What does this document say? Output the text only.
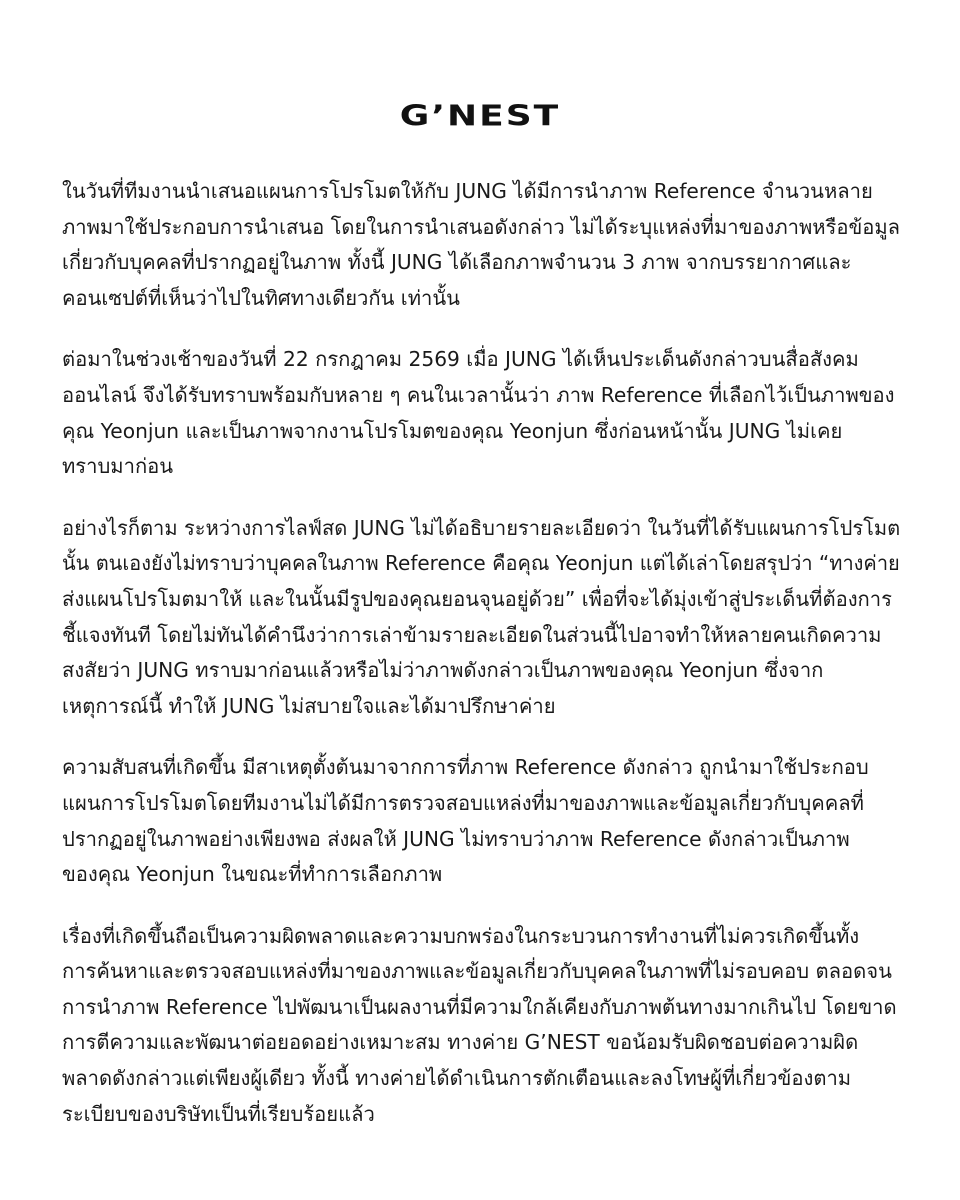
G’NEST

ในวันที่ทีมงานนำเสนอแผนการโปรโมตให้กับ JUNG ได้มีการนำภาพ Reference จำนวนหลาย
ภาพมาใช้ประกอบการนำเสนอ โดยในการนำเสนอดังกล่าว ไม่ได้ระบุแหล่งที่มาของภาพหรือข้อมูล
เกี่ยวกับบุคคลที่ปรากฏอยู่ในภาพ ทั้งนี้ JUNG ได้เลือกภาพจำนวน 3 ภาพ จากบรรยากาศและ
คอนเซปต์ที่เห็นว่าไปในทิศทางเดียวกัน เท่านั้น

ต่อมาในช่วงเช้าของวันที่ 22 กรกฎาคม 2569 เมื่อ JUNG ได้เห็นประเด็นดังกล่าวบนสื่อสังคม
ออนไลน์ จึงได้รับทราบพร้อมกับหลาย ๆ คนในเวลานั้นว่า ภาพ Reference ที่เลือกไว้เป็นภาพของ
คุณ Yeonjun และเป็นภาพจากงานโปรโมตของคุณ Yeonjun ซึ่งก่อนหน้านั้น JUNG ไม่เคย
ทราบมาก่อน

อย่างไรก็ตาม ระหว่างการไลฟ์สด JUNG ไม่ได้อธิบายรายละเอียดว่า ในวันที่ได้รับแผนการโปรโมต
นั้น ตนเองยังไม่ทราบว่าบุคคลในภาพ Reference คือคุณ Yeonjun แต่ได้เล่าโดยสรุปว่า “ทางค่าย
ส่งแผนโปรโมตมาให้ และในนั้นมีรูปของคุณยอนจุนอยู่ด้วย” เพื่อที่จะได้มุ่งเข้าสู่ประเด็นที่ต้องการ
ชี้แจงทันที โดยไม่ทันได้คำนึงว่าการเล่าข้ามรายละเอียดในส่วนนี้ไปอาจทำให้หลายคนเกิดความ
สงสัยว่า JUNG ทราบมาก่อนแล้วหรือไม่ว่าภาพดังกล่าวเป็นภาพของคุณ Yeonjun ซึ่งจาก
เหตุการณ์นี้ ทำให้ JUNG ไม่สบายใจและได้มาปรึกษาค่าย

ความสับสนที่เกิดขึ้น มีสาเหตุตั้งต้นมาจากการที่ภาพ Reference ดังกล่าว ถูกนำมาใช้ประกอบ
แผนการโปรโมตโดยทีมงานไม่ได้มีการตรวจสอบแหล่งที่มาของภาพและข้อมูลเกี่ยวกับบุคคลที่
ปรากฏอยู่ในภาพอย่างเพียงพอ ส่งผลให้ JUNG ไม่ทราบว่าภาพ Reference ดังกล่าวเป็นภาพ
ของคุณ Yeonjun ในขณะที่ทำการเลือกภาพ

เรื่องที่เกิดขึ้นถือเป็นความผิดพลาดและความบกพร่องในกระบวนการทำงานที่ไม่ควรเกิดขึ้นทั้ง
การค้นหาและตรวจสอบแหล่งที่มาของภาพและข้อมูลเกี่ยวกับบุคคลในภาพที่ไม่รอบคอบ ตลอดจน
การนำภาพ Reference ไปพัฒนาเป็นผลงานที่มีความใกล้เคียงกับภาพต้นทางมากเกินไป โดยขาด
การตีความและพัฒนาต่อยอดอย่างเหมาะสม ทางค่าย G’NEST ขอน้อมรับผิดชอบต่อความผิด
พลาดดังกล่าวแต่เพียงผู้เดียว ทั้งนี้ ทางค่ายได้ดำเนินการตักเตือนและลงโทษผู้ที่เกี่ยวข้องตาม
ระเบียบของบริษัทเป็นที่เรียบร้อยแล้ว
